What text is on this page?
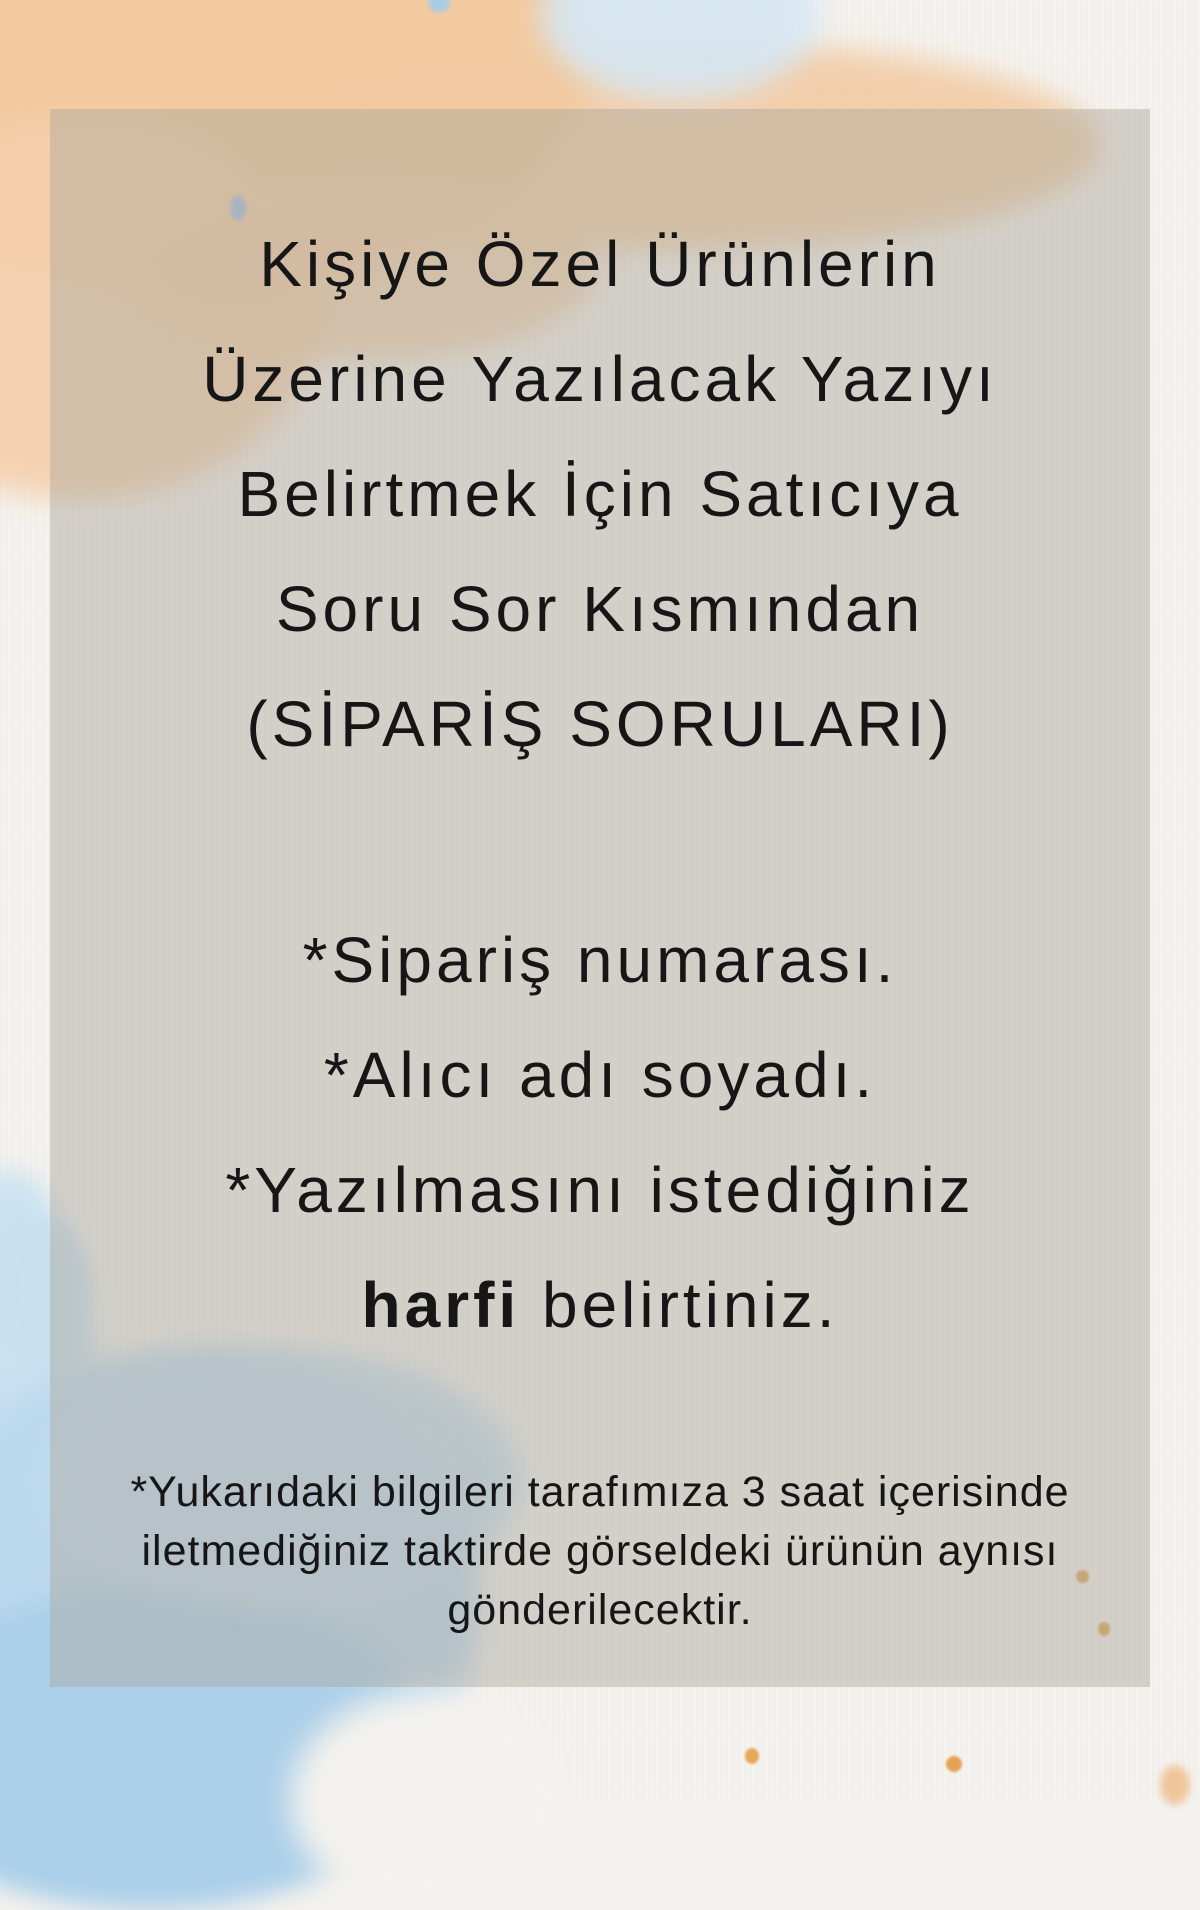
Kişiye Özel Ürünlerin
Üzerine Yazılacak Yazıyı
Belirtmek İçin Satıcıya
Soru Sor Kısmından
(SİPARİŞ SORULARI)
*Sipariş numarası.
*Alıcı adı soyadı.
*Yazılmasını istediğiniz
harfi belirtiniz.
*Yukarıdaki bilgileri tarafımıza 3 saat içerisinde
iletmediğiniz taktirde görseldeki ürünün aynısı
gönderilecektir.
